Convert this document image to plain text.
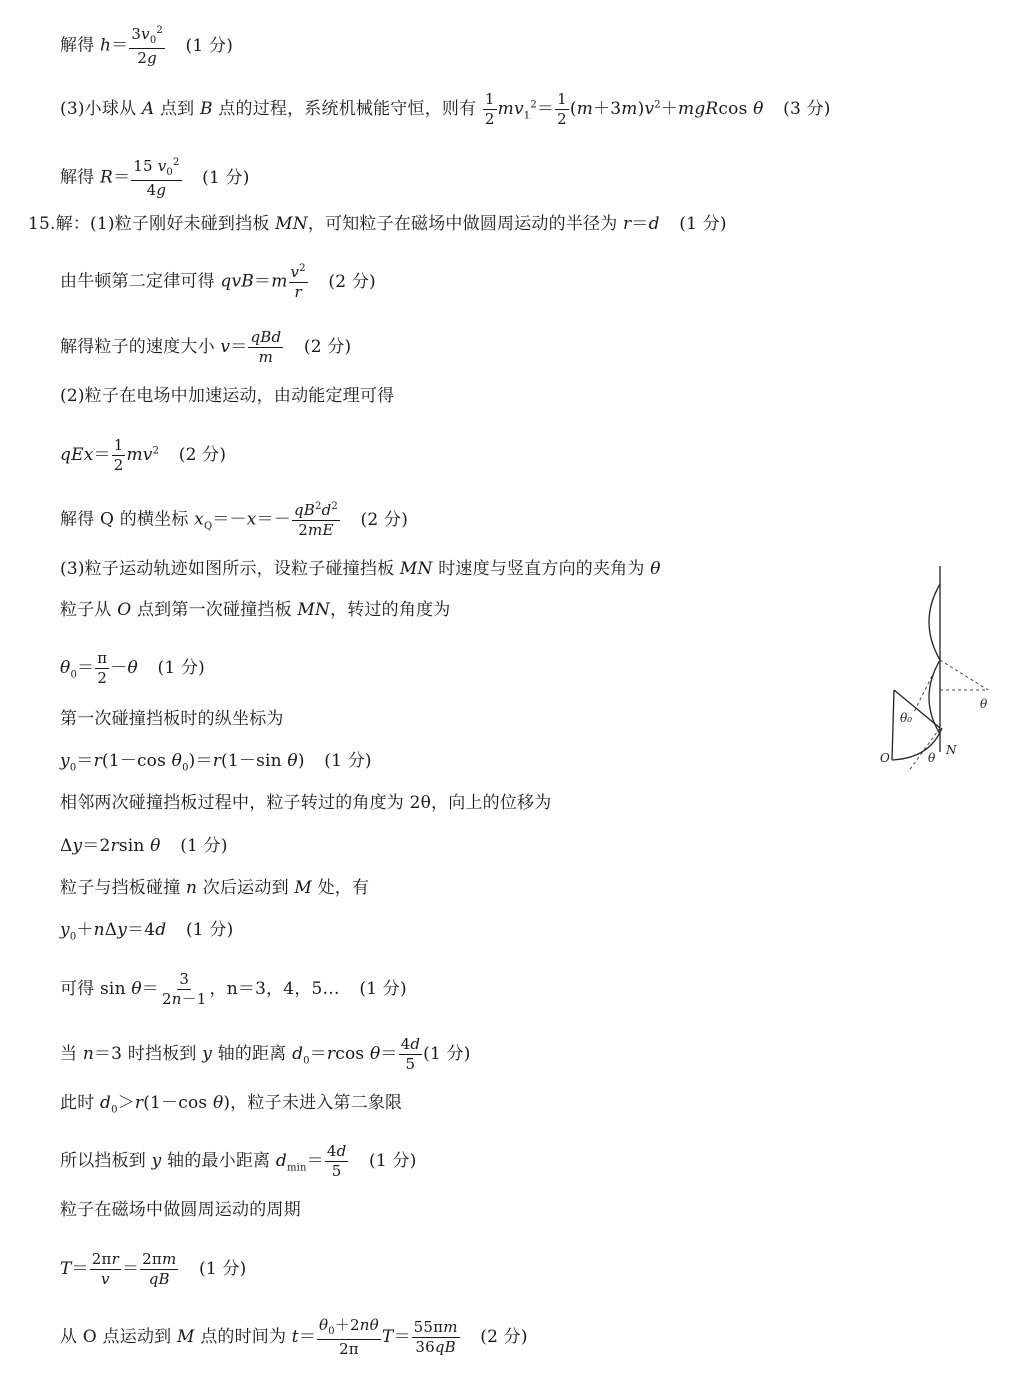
解得 $h= \frac{3v_0^2}{2g} (1$ 分)
(3)小球从 A 点到 B 点的过程，系统机械能守恒，则有 $\frac{1}{2} mv_1^2= \frac{1}{2} (m+3m)v^2+mgRcos$ θ (3 分)
解得 $R= \frac{15 v_0^2}{4g} (1$ 分)
15.解：(1)粒子刚好未碰到挡板 MN，可知粒子在磁场中做圆周运动的半径为 r＝d (1 分)
由牛顿第二定律可得 $qvB=m \frac{v^2}{r} (2$ 分)
解得粒子的速度大小 $v= \frac{\text{qBd}}{m} (2$ 分)
(2)粒子在电场中加速运动，由动能定理可得
$qEx= \frac{1}{2} mv^2$ (2 分)
解得 Q 的横坐标 $x_Q=-x=- \frac{qB^2d^2}{2mE} (2$ 分)
(3)粒子运动轨迹如图所示，设粒子碰撞挡板 MN 时速度与竖直方向的夹角为 θ
粒子从 O 点到第一次碰撞挡板 MN，转过的角度为
$\theta_0= \frac{\pi}{2} -\theta$ (1 分)
第一次碰撞挡板时的纵坐标为
$y_0=r(1-\cos$ $\theta_0)=r(1-\sin$ θ) (1 分)
相邻两次碰撞挡板过程中，粒子转过的角度为 2θ，向上的位移为
Δy＝2rsin θ (1 分)
粒子与挡板碰撞 n 次后运动到 M 处，有
$y_0+n\Delta y=4d$ (1 分)
可得 $\sin \theta= \frac{3}{2n-1}$ ，n＝3，4，5… (1 分)
当 n＝3 时挡板到 y 轴的距离 $d_0=rcos$ $\theta= \frac{4d}{5} (1$ 分)
此时 $d_0>r(1-\cos$ θ)，粒子未进入第二象限
所以挡板到 y 轴的最小距离 $d_{min}= \frac{4d}{5} (1$ 分)
粒子在磁场中做圆周运动的周期
$T= \frac{2\pi r}{v} = \frac{2\pi m}{qB} (1$ 分)
从 O 点运动到 M 点的时间为 $t= \frac{\theta_0+2n\theta}{2\pi} T= \frac{55\pi m}{36qB} (2$ 分)
θ₀
θ
θ
O
N
